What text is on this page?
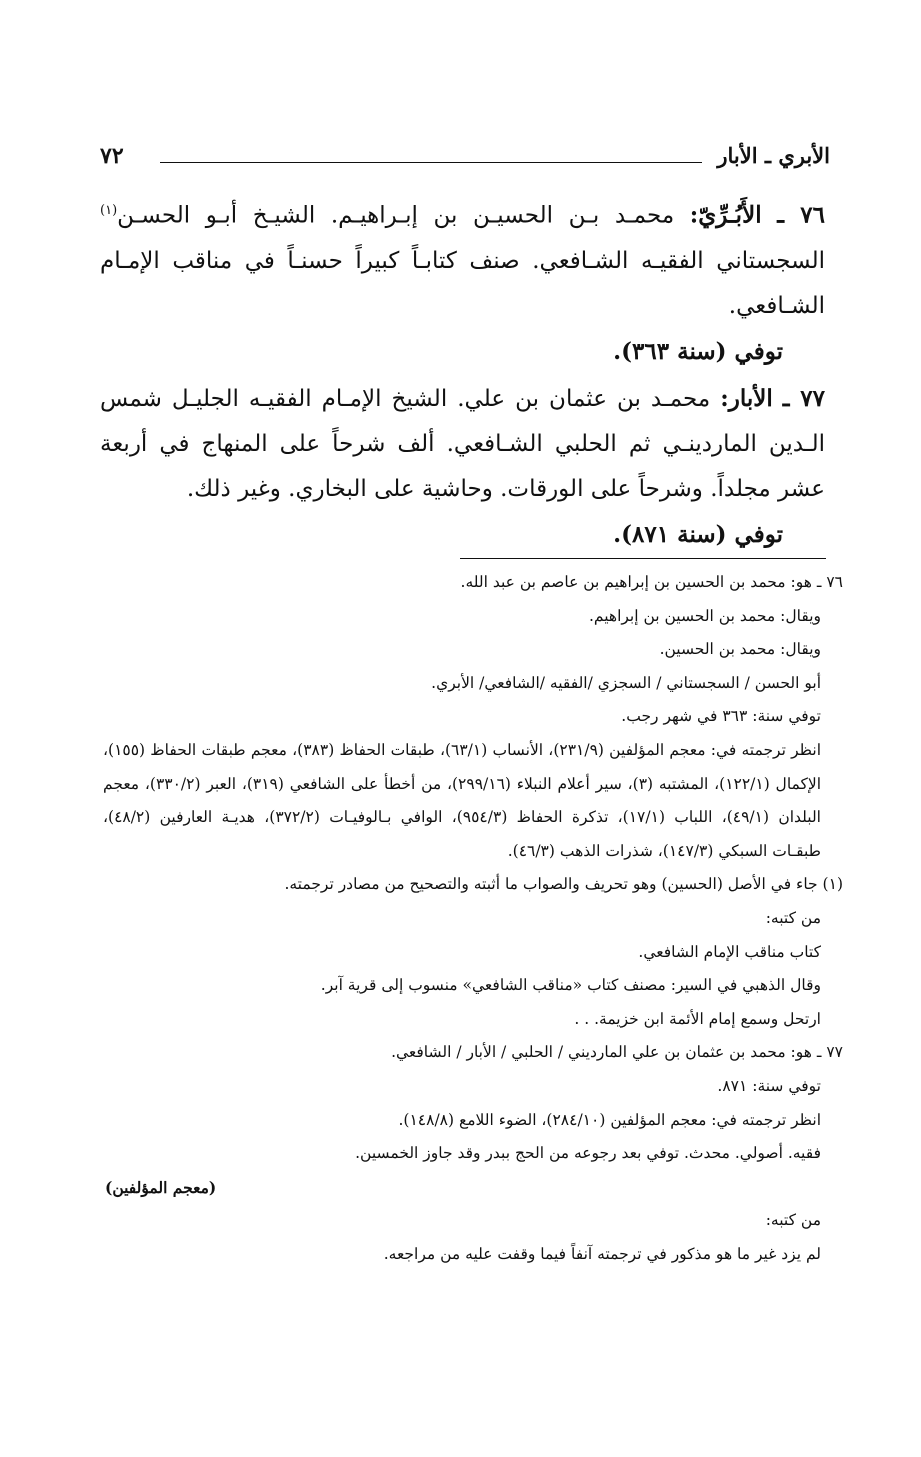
الأبري ـ الأبار
٧٢
٧٦ ـ الأَبُـرِّيّ: محمـد بـن الحسيـن بن إبـراهيـم. الشيـخ أبـو الحسـن$^{(١)}$ السجستاني الفقيـه الشـافعي. صنف كتابـاً كبيراً حسنـاً في مناقب الإمـام الشـافعي.
توفي (سنة ٣٦٣).
٧٧ ـ الأبار: محمـد بن عثمان بن علي. الشيخ الإمـام الفقيـه الجليـل شمس الـدين الماردينـي ثم الحلبي الشـافعي. ألف شرحاً على المنهاج في أربعة عشر مجلداً. وشرحاً على الورقات. وحاشية على البخاري. وغير ذلك.
توفي (سنة ٨٧١).

٧٦ ـ هو: محمد بن الحسين بن إبراهيم بن عاصم بن عبد الله.

ويقال: محمد بن الحسين بن إبراهيم.

ويقال: محمد بن الحسين.

أبو الحسن / السجستاني / السجزي /الفقيه /الشافعي/ الأبري.

توفي سنة: ٣٦٣ في شهر رجب.

انظر ترجمته في: معجم المؤلفين (٢٣١/٩)، الأنساب (٦٣/١)، طبقات الحفاظ (٣٨٣)، معجم طبقات الحفاظ (١٥٥)، الإكمال (١٢٢/١)، المشتبه (٣)، سير أعلام النبلاء (٢٩٩/١٦)، من أخطأ على الشافعي (٣١٩)، العبر (٣٣٠/٢)، معجم البلدان (٤٩/١)، اللباب (١٧/١)، تذكرة الحفاظ (٩٥٤/٣)، الوافي بـالوفيـات (٣٧٢/٢)، هديـة العارفين (٤٨/٢)، طبقـات السبكي (١٤٧/٣)، شذرات الذهب (٤٦/٣).

(١) جاء في الأصل (الحسين) وهو تحريف والصواب ما أثبته والتصحيح من مصادر ترجمته.

من كتبه:

كتاب مناقب الإمام الشافعي.

وقال الذهبي في السير: مصنف كتاب «مناقب الشافعي» منسوب إلى قرية آبر.

ارتحل وسمع إمام الأئمة ابن خزيمة. . .

٧٧ ـ هو: محمد بن عثمان بن علي المارديني / الحلبي / الأبار / الشافعي.

توفي سنة: ٨٧١.

انظر ترجمته في: معجم المؤلفين (٢٨٤/١٠)، الضوء اللامع (١٤٨/٨).

فقيه. أصولي. محدث. توفي بعد رجوعه من الحج ببدر وقد جاوز الخمسين.

(معجم المؤلفين)

من كتبه:

لم يزد غير ما هو مذكور في ترجمته آنفاً فيما وقفت عليه من مراجعه.
